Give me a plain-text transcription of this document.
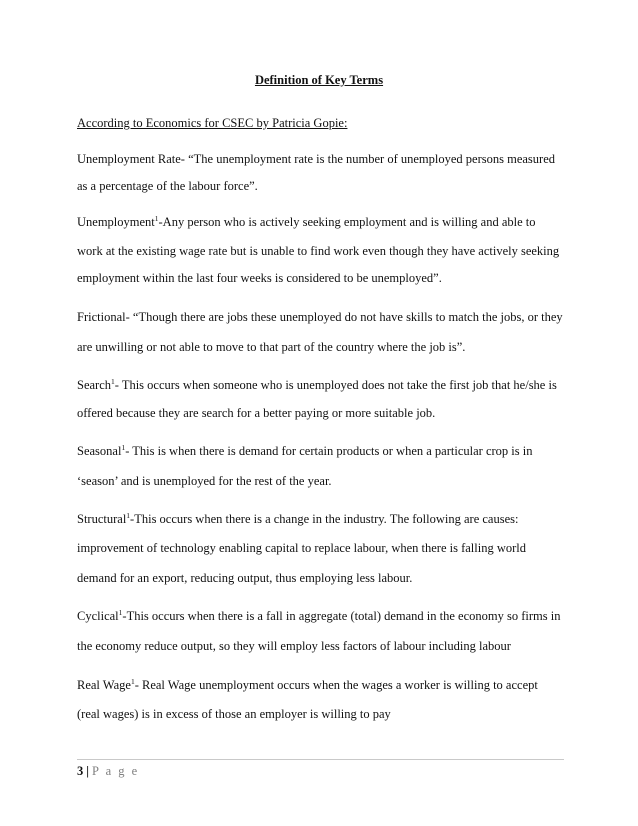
Definition of Key Terms
According to Economics for CSEC by Patricia Gopie:
Unemployment Rate- “The unemployment rate is the number of unemployed persons measured
as a percentage of the labour force”.
Unemployment$^1$-Any person who is actively seeking employment and is willing and able to
work at the existing wage rate but is unable to find work even though they have actively seeking
employment within the last four weeks is considered to be unemployed”.
Frictional- “Though there are jobs these unemployed do not have skills to match the jobs, or they
are unwilling or not able to move to that part of the country where the job is”.
Search$^1$- This occurs when someone who is unemployed does not take the first job that he/she is
offered because they are search for a better paying or more suitable job.
Seasonal$^1$- This is when there is demand for certain products or when a particular crop is in
‘season’ and is unemployed for the rest of the year.
Structural$^1$-This occurs when there is a change in the industry. The following are causes:
improvement of technology enabling capital to replace labour, when there is falling world
demand for an export, reducing output, thus employing less labour.
Cyclical$^1$-This occurs when there is a fall in aggregate (total) demand in the economy so firms in
the economy reduce output, so they will employ less factors of labour including labour
Real Wage$^1$- Real Wage unemployment occurs when the wages a worker is willing to accept
(real wages) is in excess of those an employer is willing to pay
3 | P a g e
